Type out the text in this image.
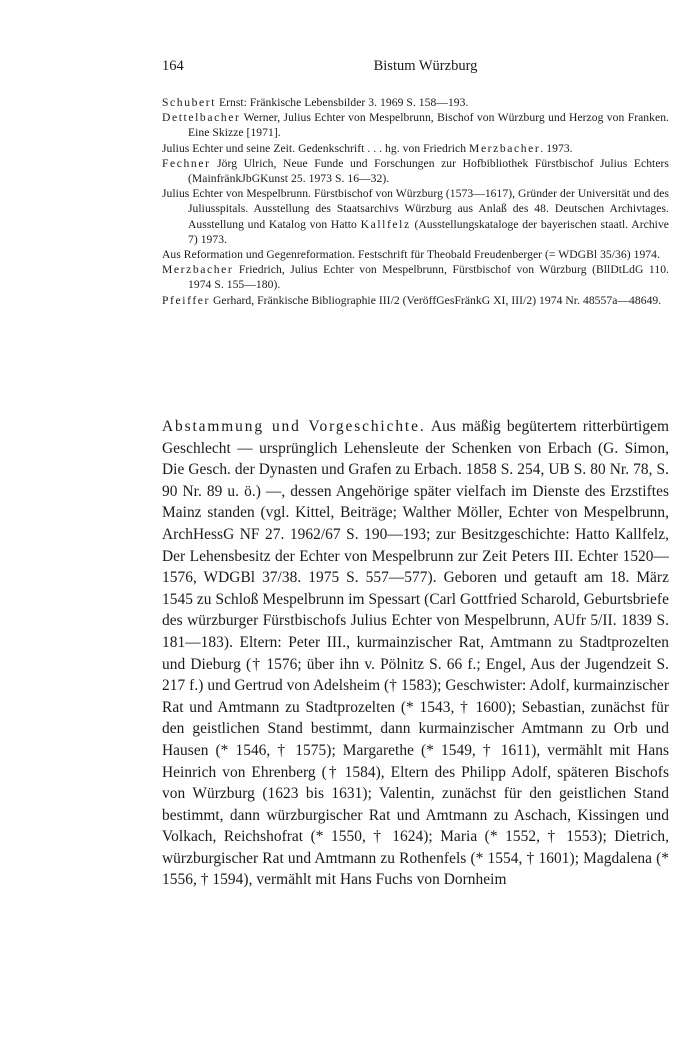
164	Bistum Würzburg

Schubert Ernst: Fränkische Lebensbilder 3. 1969 S. 158—193.

Dettelbacher Werner, Julius Echter von Mespelbrunn, Bischof von Würzburg und Herzog von Franken. Eine Skizze [1971].

Julius Echter und seine Zeit. Gedenkschrift . . . hg. von Friedrich Merzbacher. 1973.

Fechner Jörg Ulrich, Neue Funde und Forschungen zur Hofbibliothek Fürstbischof Julius Echters (MainfränkJbGKunst 25. 1973 S. 16—32).

Julius Echter von Mespelbrunn. Fürstbischof von Würzburg (1573—1617), Gründer der Universität und des Juliusspitals. Ausstellung des Staatsarchivs Würzburg aus Anlaß des 48. Deutschen Archivtages. Ausstellung und Katalog von Hatto Kallfelz (Ausstellungskataloge der bayerischen staatl. Archive 7) 1973.

Aus Reformation und Gegenreformation. Festschrift für Theobald Freudenberger (= WDGBl 35/36) 1974.

Merzbacher Friedrich, Julius Echter von Mespelbrunn, Fürstbischof von Würzburg (BllDtLdG 110. 1974 S. 155—180).

Pfeiffer Gerhard, Fränkische Bibliographie III/2 (VeröffGesFränkG XI, III/2) 1974 Nr. 48557a—48649.

Abstammung und Vorgeschichte. Aus mäßig begütertem ritterbürtigem Geschlecht — ursprünglich Lehensleute der Schenken von Erbach (G. Simon, Die Gesch. der Dynasten und Grafen zu Erbach. 1858 S. 254, UB S. 80 Nr. 78, S. 90 Nr. 89 u. ö.) —, dessen Angehörige später vielfach im Dienste des Erzstiftes Mainz standen (vgl. Kittel, Beiträge; Walther Möller, Echter von Mespelbrunn, ArchHessG NF 27. 1962/67 S. 190—193; zur Besitzgeschichte: Hatto Kallfelz, Der Lehensbesitz der Echter von Mespelbrunn zur Zeit Peters III. Echter 1520—1576, WDGBl 37/38. 1975 S. 557—577). Geboren und getauft am 18. März 1545 zu Schloß Mespelbrunn im Spessart (Carl Gottfried Scharold, Geburtsbriefe des würzburger Fürstbischofs Julius Echter von Mespelbrunn, AUfr 5/II. 1839 S. 181—183). Eltern: Peter III., kurmainzischer Rat, Amtmann zu Stadtprozelten und Dieburg († 1576; über ihn v. Pölnitz S. 66 f.; Engel, Aus der Jugendzeit S. 217 f.) und Gertrud von Adelsheim († 1583); Geschwister: Adolf, kurmainzischer Rat und Amtmann zu Stadtprozelten (* 1543, † 1600); Sebastian, zunächst für den geistlichen Stand bestimmt, dann kurmainzischer Amtmann zu Orb und Hausen (* 1546, † 1575); Margarethe (* 1549, † 1611), vermählt mit Hans Heinrich von Ehrenberg († 1584), Eltern des Philipp Adolf, späteren Bischofs von Würzburg (1623 bis 1631); Valentin, zunächst für den geistlichen Stand bestimmt, dann würzburgischer Rat und Amtmann zu Aschach, Kissingen und Volkach, Reichshofrat (* 1550, † 1624); Maria (* 1552, † 1553); Dietrich, würzburgischer Rat und Amtmann zu Rothenfels (* 1554, † 1601); Magdalena (* 1556, † 1594), vermählt mit Hans Fuchs von Dornheim
